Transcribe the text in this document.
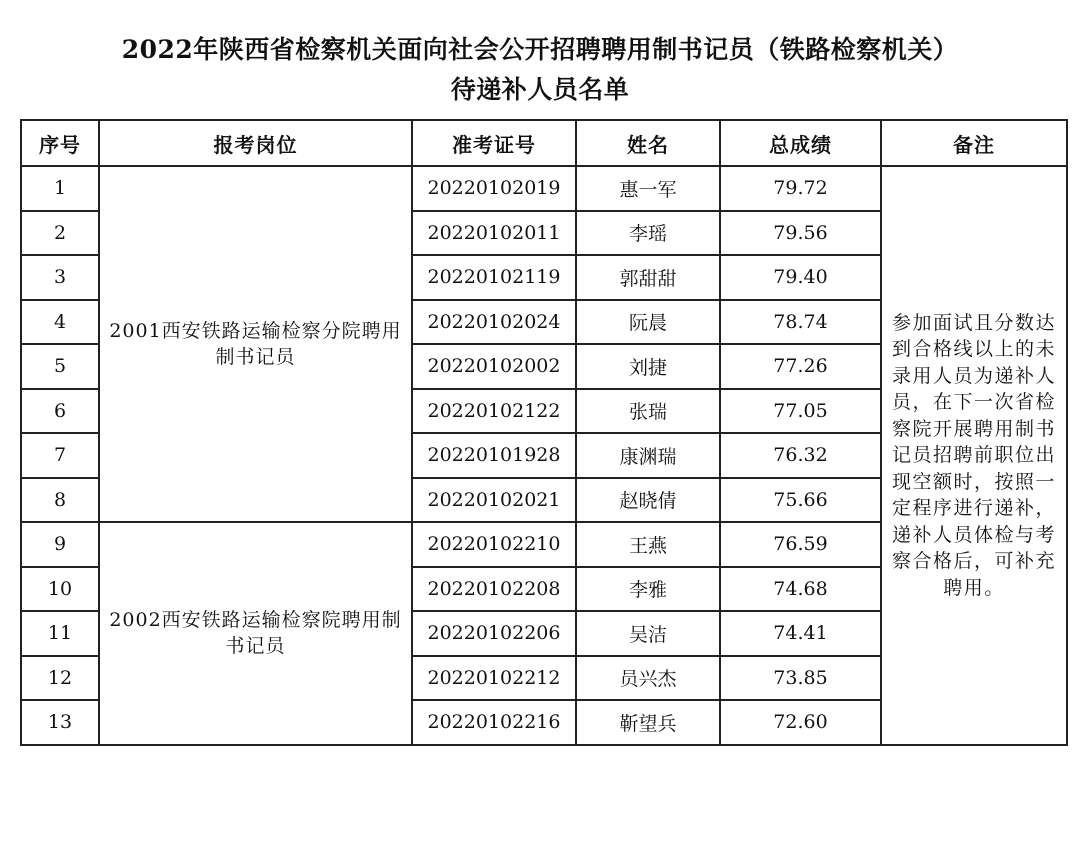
2022年陕西省检察机关面向社会公开招聘聘用制书记员（铁路检察机关）
待递补人员名单
序号	报考岗位	准考证号	姓名	总成绩	备注
1	2001西安铁路运输检察分院聘用制书记员	20220102019	惠一军	79.72	参加面试且分数达到合格线以上的未录用人员为递补人员，在下一次省检察院开展聘用制书记员招聘前职位出现空额时，按照一定程序进行递补，递补人员体检与考察合格后，可补充聘用。
2		20220102011	李瑶	79.56	
3		20220102119	郭甜甜	79.40	
4		20220102024	阮晨	78.74	
5		20220102002	刘捷	77.26	
6		20220102122	张瑞	77.05	
7		20220101928	康渊瑞	76.32	
8		20220102021	赵晓倩	75.66	
9	2002西安铁路运输检察院聘用制书记员	20220102210	王燕	76.59	
10		20220102208	李雅	74.68	
11		20220102206	吴洁	74.41	
12		20220102212	员兴杰	73.85	
13		20220102216	靳望兵	72.60	
